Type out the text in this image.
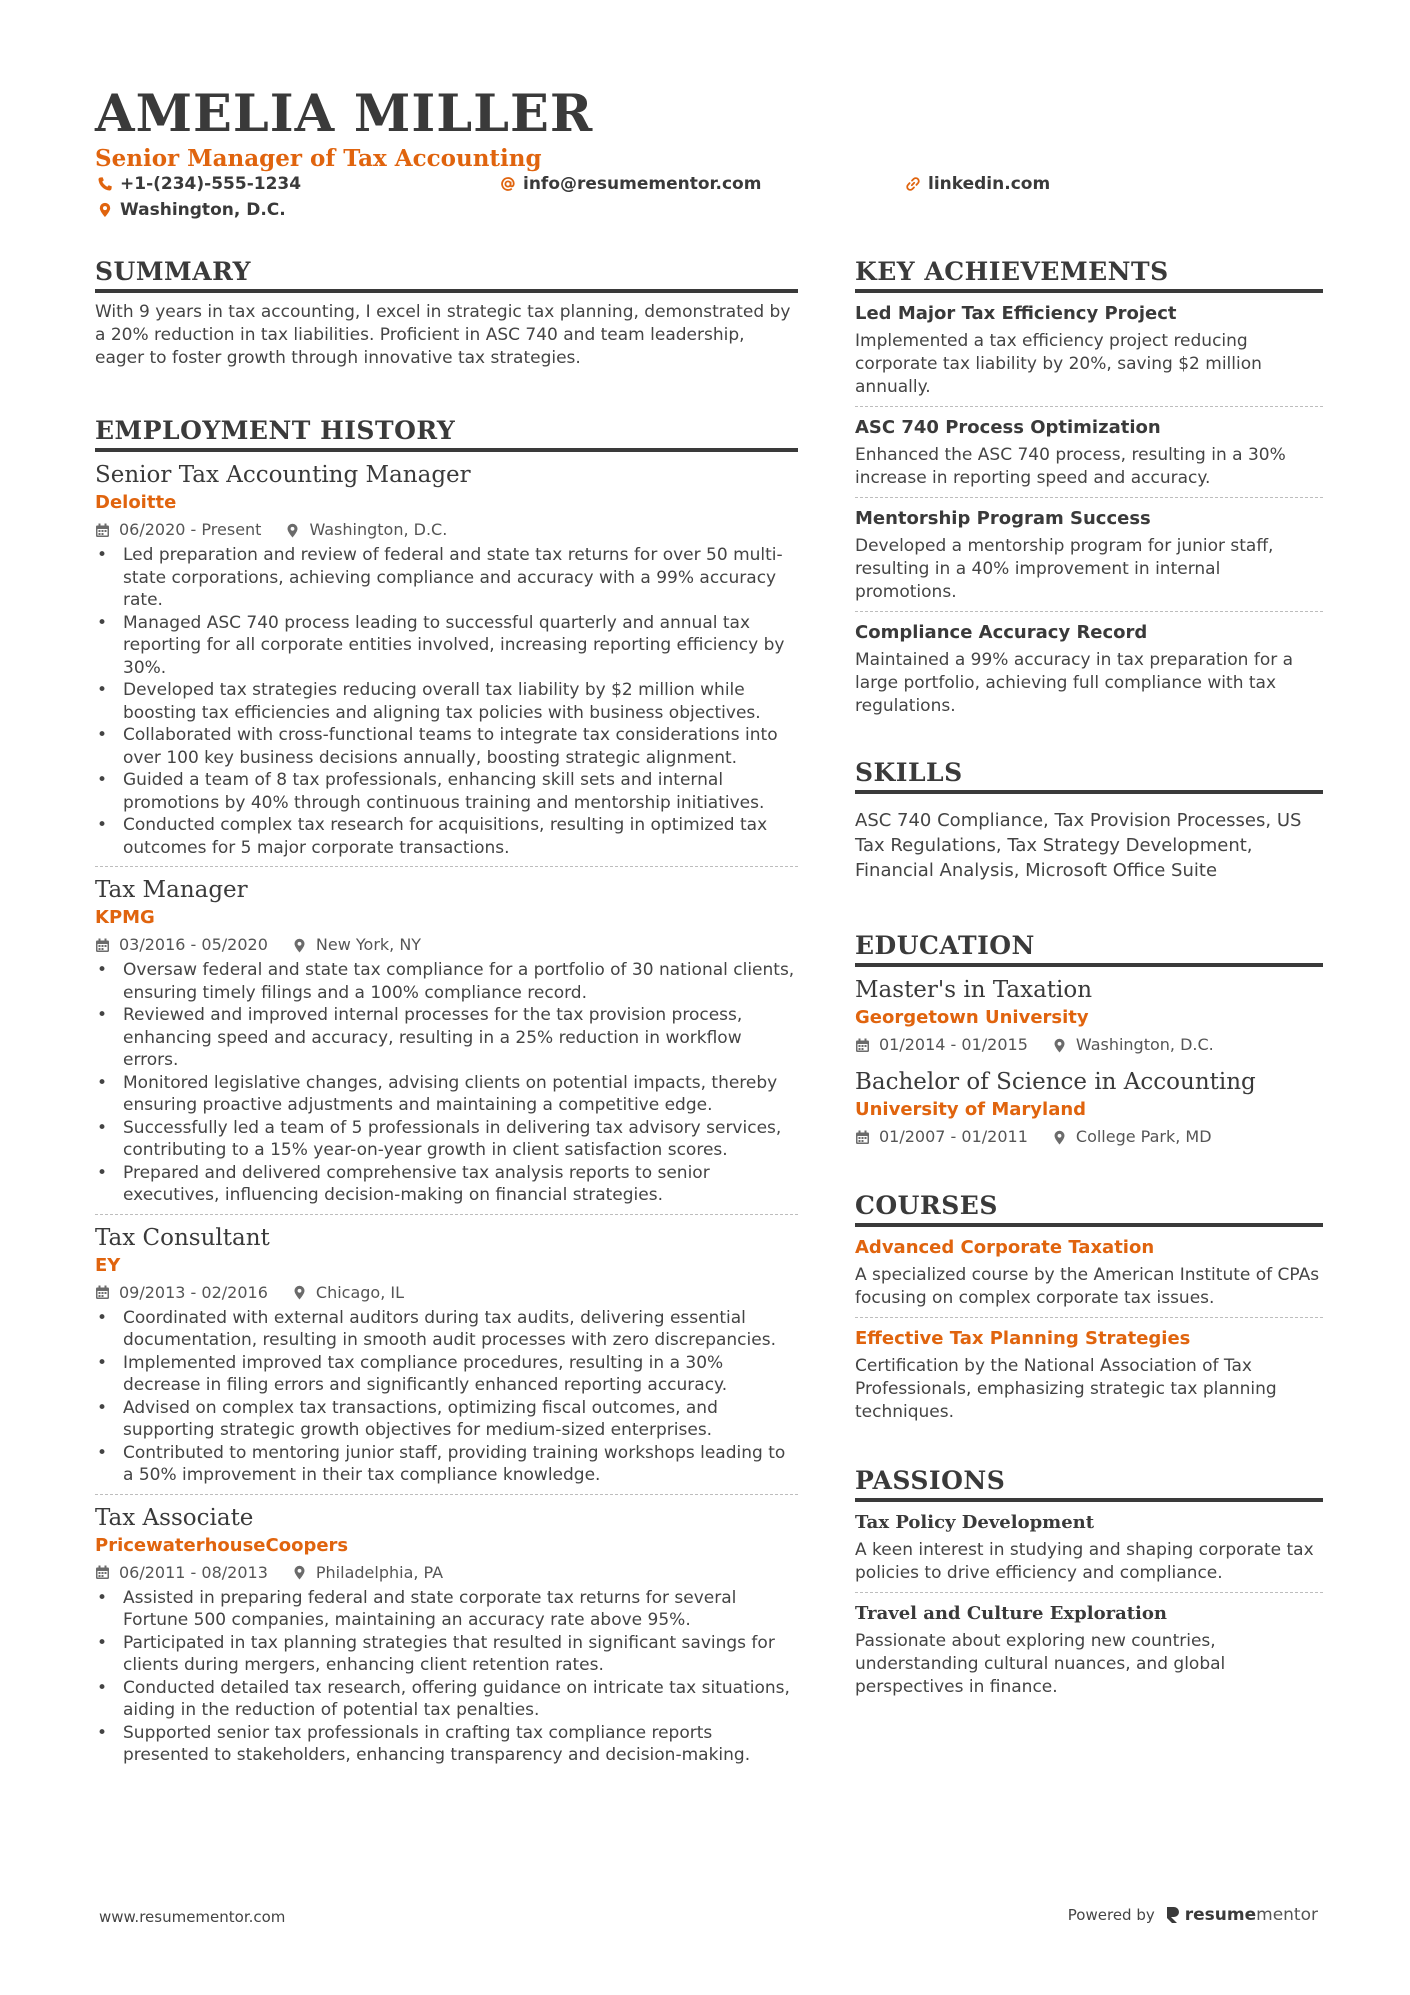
AMELIA MILLER
Senior Manager of Tax Accounting
+1-(234)-555-1234	info@resumementor.com	linkedin.com
Washington, D.C.
SUMMARY
With 9 years in tax accounting, I excel in strategic tax planning, demonstrated by a 20% reduction in tax liabilities. Proficient in ASC 740 and team leadership, eager to foster growth through innovative tax strategies.
EMPLOYMENT HISTORY
Senior Tax Accounting Manager
Deloitte
06/2020 - Present	Washington, D.C.
• Led preparation and review of federal and state tax returns for over 50 multi-state corporations, achieving compliance and accuracy with a 99% accuracy rate.
• Managed ASC 740 process leading to successful quarterly and annual tax reporting for all corporate entities involved, increasing reporting efficiency by 30%.
• Developed tax strategies reducing overall tax liability by $2 million while boosting tax efficiencies and aligning tax policies with business objectives.
• Collaborated with cross-functional teams to integrate tax considerations into over 100 key business decisions annually, boosting strategic alignment.
• Guided a team of 8 tax professionals, enhancing skill sets and internal promotions by 40% through continuous training and mentorship initiatives.
• Conducted complex tax research for acquisitions, resulting in optimized tax outcomes for 5 major corporate transactions.
Tax Manager
KPMG
03/2016 - 05/2020	New York, NY
• Oversaw federal and state tax compliance for a portfolio of 30 national clients, ensuring timely filings and a 100% compliance record.
• Reviewed and improved internal processes for the tax provision process, enhancing speed and accuracy, resulting in a 25% reduction in workflow errors.
• Monitored legislative changes, advising clients on potential impacts, thereby ensuring proactive adjustments and maintaining a competitive edge.
• Successfully led a team of 5 professionals in delivering tax advisory services, contributing to a 15% year-on-year growth in client satisfaction scores.
• Prepared and delivered comprehensive tax analysis reports to senior executives, influencing decision-making on financial strategies.
Tax Consultant
EY
09/2013 - 02/2016	Chicago, IL
• Coordinated with external auditors during tax audits, delivering essential documentation, resulting in smooth audit processes with zero discrepancies.
• Implemented improved tax compliance procedures, resulting in a 30% decrease in filing errors and significantly enhanced reporting accuracy.
• Advised on complex tax transactions, optimizing fiscal outcomes, and supporting strategic growth objectives for medium-sized enterprises.
• Contributed to mentoring junior staff, providing training workshops leading to a 50% improvement in their tax compliance knowledge.
Tax Associate
PricewaterhouseCoopers
06/2011 - 08/2013	Philadelphia, PA
• Assisted in preparing federal and state corporate tax returns for several Fortune 500 companies, maintaining an accuracy rate above 95%.
• Participated in tax planning strategies that resulted in significant savings for clients during mergers, enhancing client retention rates.
• Conducted detailed tax research, offering guidance on intricate tax situations, aiding in the reduction of potential tax penalties.
• Supported senior tax professionals in crafting tax compliance reports presented to stakeholders, enhancing transparency and decision-making.
KEY ACHIEVEMENTS
Led Major Tax Efficiency Project
Implemented a tax efficiency project reducing corporate tax liability by 20%, saving $2 million annually.
ASC 740 Process Optimization
Enhanced the ASC 740 process, resulting in a 30% increase in reporting speed and accuracy.
Mentorship Program Success
Developed a mentorship program for junior staff, resulting in a 40% improvement in internal promotions.
Compliance Accuracy Record
Maintained a 99% accuracy in tax preparation for a large portfolio, achieving full compliance with tax regulations.
SKILLS
ASC 740 Compliance, Tax Provision Processes, US Tax Regulations, Tax Strategy Development, Financial Analysis, Microsoft Office Suite
EDUCATION
Master's in Taxation
Georgetown University
01/2014 - 01/2015	Washington, D.C.
Bachelor of Science in Accounting
University of Maryland
01/2007 - 01/2011	College Park, MD
COURSES
Advanced Corporate Taxation
A specialized course by the American Institute of CPAs focusing on complex corporate tax issues.
Effective Tax Planning Strategies
Certification by the National Association of Tax Professionals, emphasizing strategic tax planning techniques.
PASSIONS
Tax Policy Development
A keen interest in studying and shaping corporate tax policies to drive efficiency and compliance.
Travel and Culture Exploration
Passionate about exploring new countries, understanding cultural nuances, and global perspectives in finance.
www.resumementor.com	Powered by resume mentor
